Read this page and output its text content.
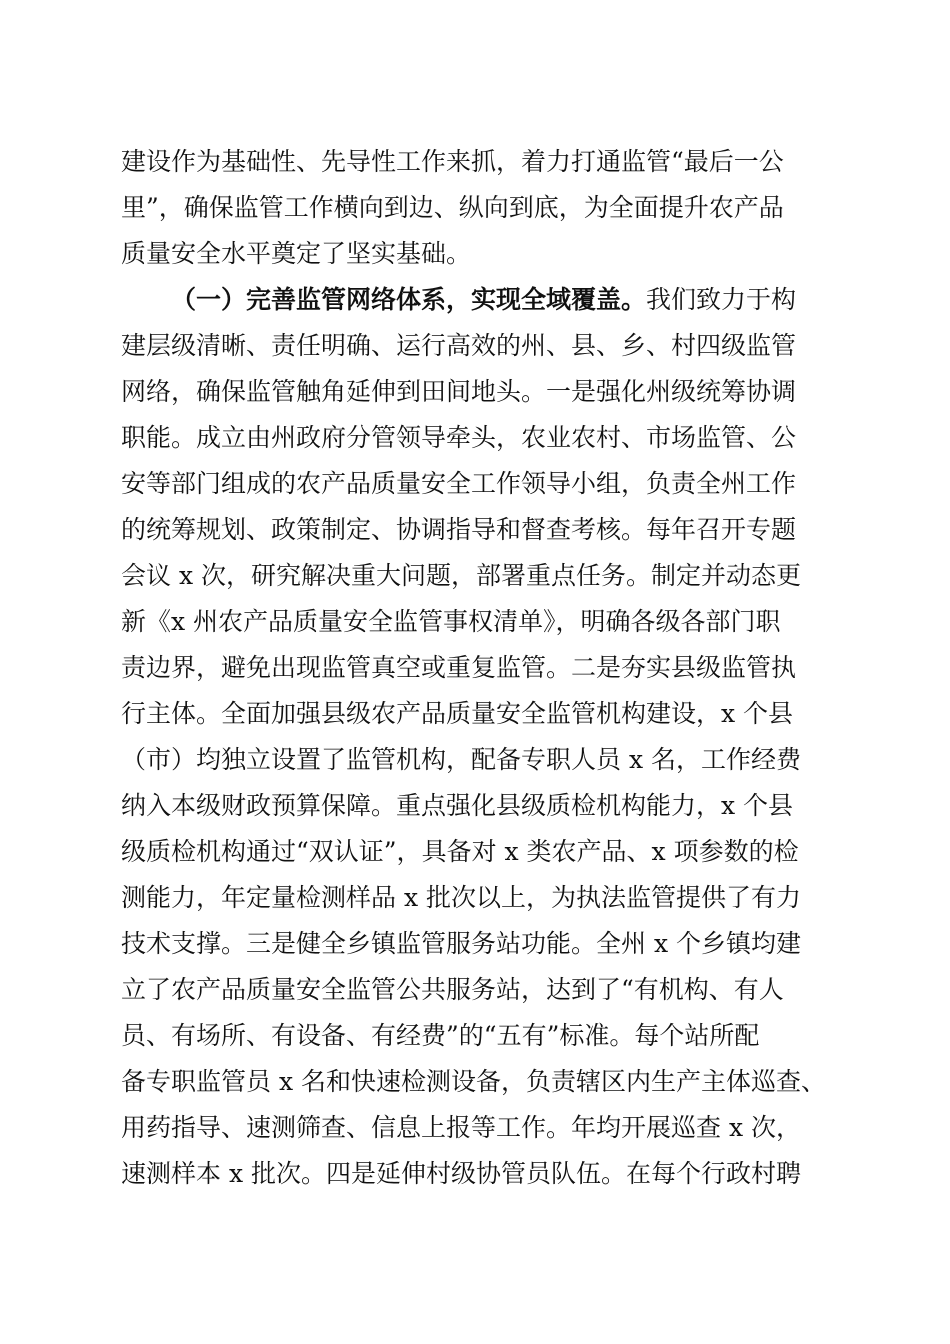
建设作为基础性、先导性工作来抓，着力打通监管“最后一公
里”，确保监管工作横向到边、纵向到底，为全面提升农产品
质量安全水平奠定了坚实基础。
（一）完善监管网络体系，实现全域覆盖。我们致力于构
建层级清晰、责任明确、运行高效的州、县、乡、村四级监管
网络，确保监管触角延伸到田间地头。一是强化州级统筹协调
职能。成立由州政府分管领导牵头，农业农村、市场监管、公
安等部门组成的农产品质量安全工作领导小组，负责全州工作
的统筹规划、政策制定、协调指导和督查考核。每年召开专题
会议 x 次，研究解决重大问题，部署重点任务。制定并动态更
新《x 州农产品质量安全监管事权清单》，明确各级各部门职
责边界，避免出现监管真空或重复监管。二是夯实县级监管执
行主体。全面加强县级农产品质量安全监管机构建设，x 个县
（市）均独立设置了监管机构，配备专职人员 x 名，工作经费
纳入本级财政预算保障。重点强化县级质检机构能力，x 个县
级质检机构通过“双认证”，具备对 x 类农产品、x 项参数的检
测能力，年定量检测样品 x 批次以上，为执法监管提供了有力
技术支撑。三是健全乡镇监管服务站功能。全州 x 个乡镇均建
立了农产品质量安全监管公共服务站，达到了“有机构、有人
员、有场所、有设备、有经费”的“五有”标准。每个站所配
备专职监管员 x 名和快速检测设备，负责辖区内生产主体巡查、
用药指导、速测筛查、信息上报等工作。年均开展巡查 x 次，
速测样本 x 批次。四是延伸村级协管员队伍。在每个行政村聘
